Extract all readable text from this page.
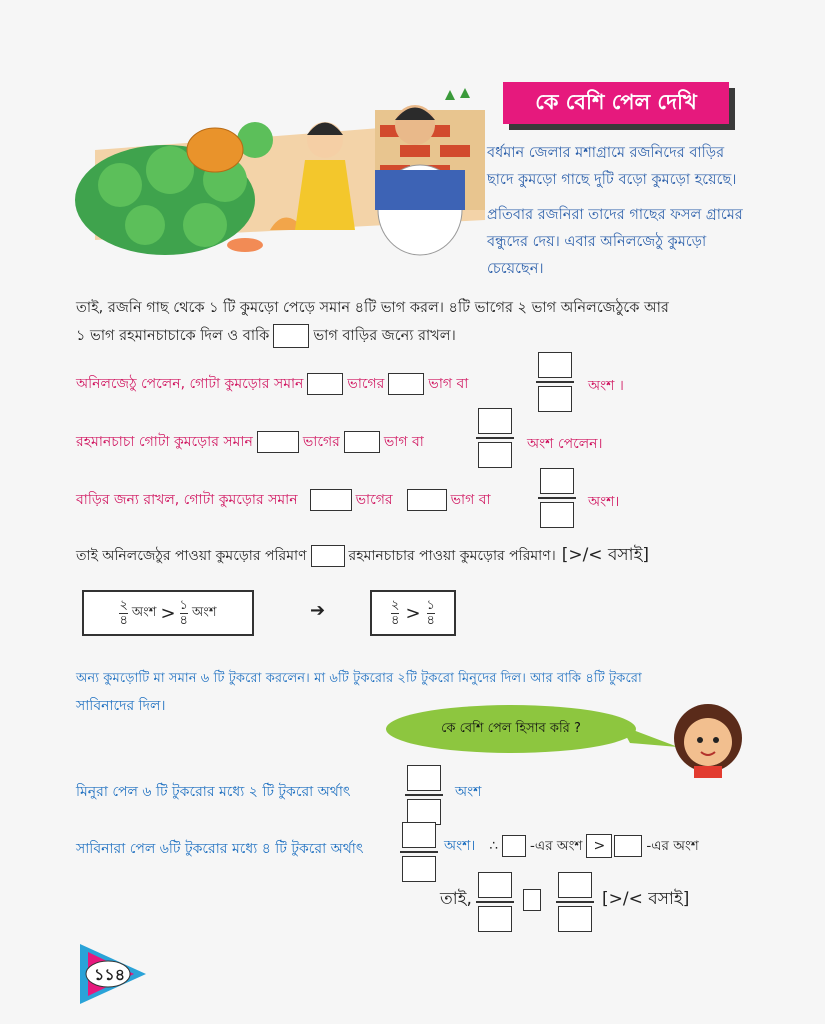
কে বেশি পেল দেখি
বর্ধমান জেলার মশাগ্রামে রজনিদের বাড়ির ছাদে কুমড়ো গাছে দুটি বড়ো কুমড়ো হয়েছে।
প্রতিবার রজনিরা তাদের গাছের ফসল গ্রামের বন্ধুদের দেয়। এবার অনিলজেঠু কুমড়ো চেয়েছেন।
তাই, রজনি গাছ থেকে ১ টি কুমড়ো পেড়ে সমান ৪টি ভাগ করল। ৪টি ভাগের ২ ভাগ অনিলজেঠুকে আর
১ ভাগ রহমানচাচাকে দিল ও বাকি	ভাগ বাড়ির জন্যে রাখল।
অনিলজেঠু পেলেন, গোটা কুমড়োর সমান	ভাগের	ভাগ বা	অংশ ।
রহমানচাচা গোটা কুমড়োর সমান	ভাগের	ভাগ বা	অংশ পেলেন।
বাড়ির জন্য রাখল, গোটা কুমড়োর সমান	ভাগের	ভাগ বা	অংশ।
তাই অনিলজেঠুর পাওয়া কুমড়োর পরিমাণ	রহমানচাচার পাওয়া কুমড়োর পরিমাণ। [>/< বসাই]
২
৪
অংশ > ১
৪
অংশ	➔	২
৪ > ১
৪
অন্য কুমড়োটি মা সমান ৬ টি টুকরো করলেন। মা ৬টি টুকরোর ২টি টুকরো মিনুদের দিল। আর বাকি ৪টি টুকরো
সাবিনাদের দিল।
কে বেশি পেল হিসাব করি ?
মিনুরা পেল ৬ টি টুকরোর মধ্যে ২ টি টুকরো অর্থাৎ	অংশ
সাবিনারা পেল ৬টি টুকরোর মধ্যে ৪ টি টুকরো অর্থাৎ	অংশ। ∴ -এর অংশ >	-এর অংশ
তাই,	[>/< বসাই]
১১৪
